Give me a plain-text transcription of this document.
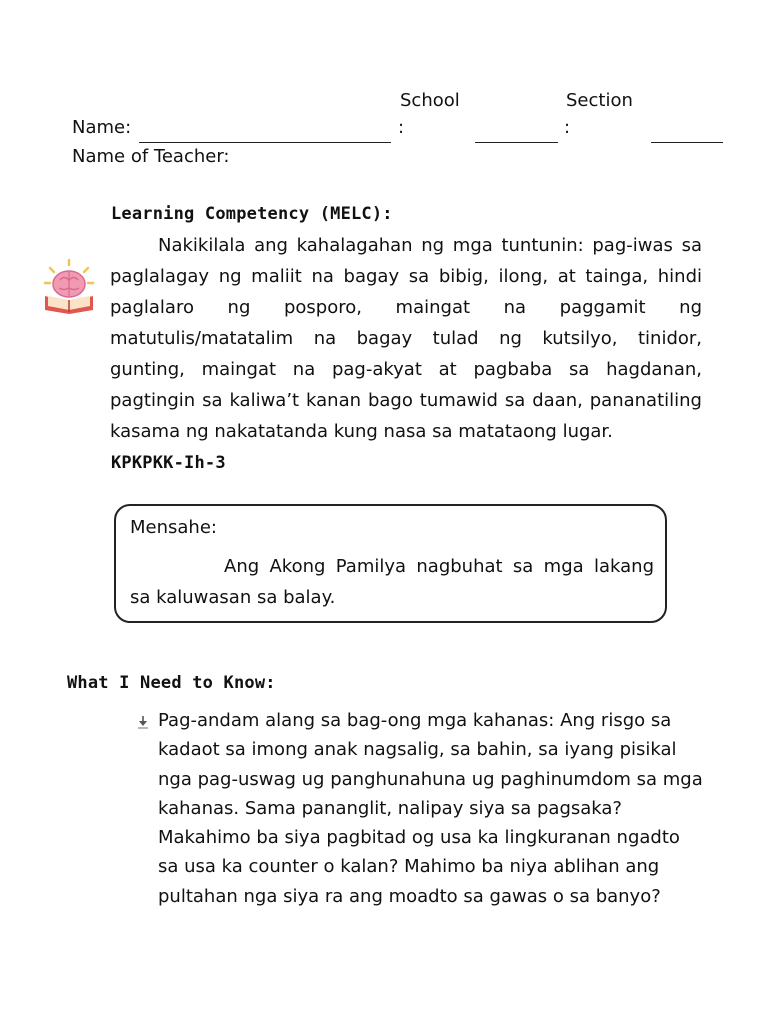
School	Section
Name:	:	:
Name of Teacher:
Learning Competency (MELC):
Nakikilala ang kahalagahan ng mga tuntunin: pag-iwas sa
paglalagay ng maliit na bagay sa bibig, ilong, at tainga, hindi
paglalaro ng posporo, maingat na paggamit ng
matutulis/matatalim na bagay tulad ng kutsilyo, tinidor,
gunting, maingat na pag-akyat at pagbaba sa hagdanan,
pagtingin sa kaliwa’t kanan bago tumawid sa daan, pananatiling
kasama ng nakatatanda kung nasa sa matataong lugar.
KPKPKK-Ih-3
Mensahe:
Ang Akong Pamilya nagbuhat sa mga lakang
sa kaluwasan sa balay.
What I Need to Know:
Pag-andam alang sa bag-ong mga kahanas: Ang risgo sa
kadaot sa imong anak nagsalig, sa bahin, sa iyang pisikal
nga pag-uswag ug panghunahuna ug paghinumdom sa mga
kahanas. Sama pananglit, nalipay siya sa pagsaka?
Makahimo ba siya pagbitad og usa ka lingkuranan ngadto
sa usa ka counter o kalan? Mahimo ba niya ablihan ang
pultahan nga siya ra ang moadto sa gawas o sa banyo?
